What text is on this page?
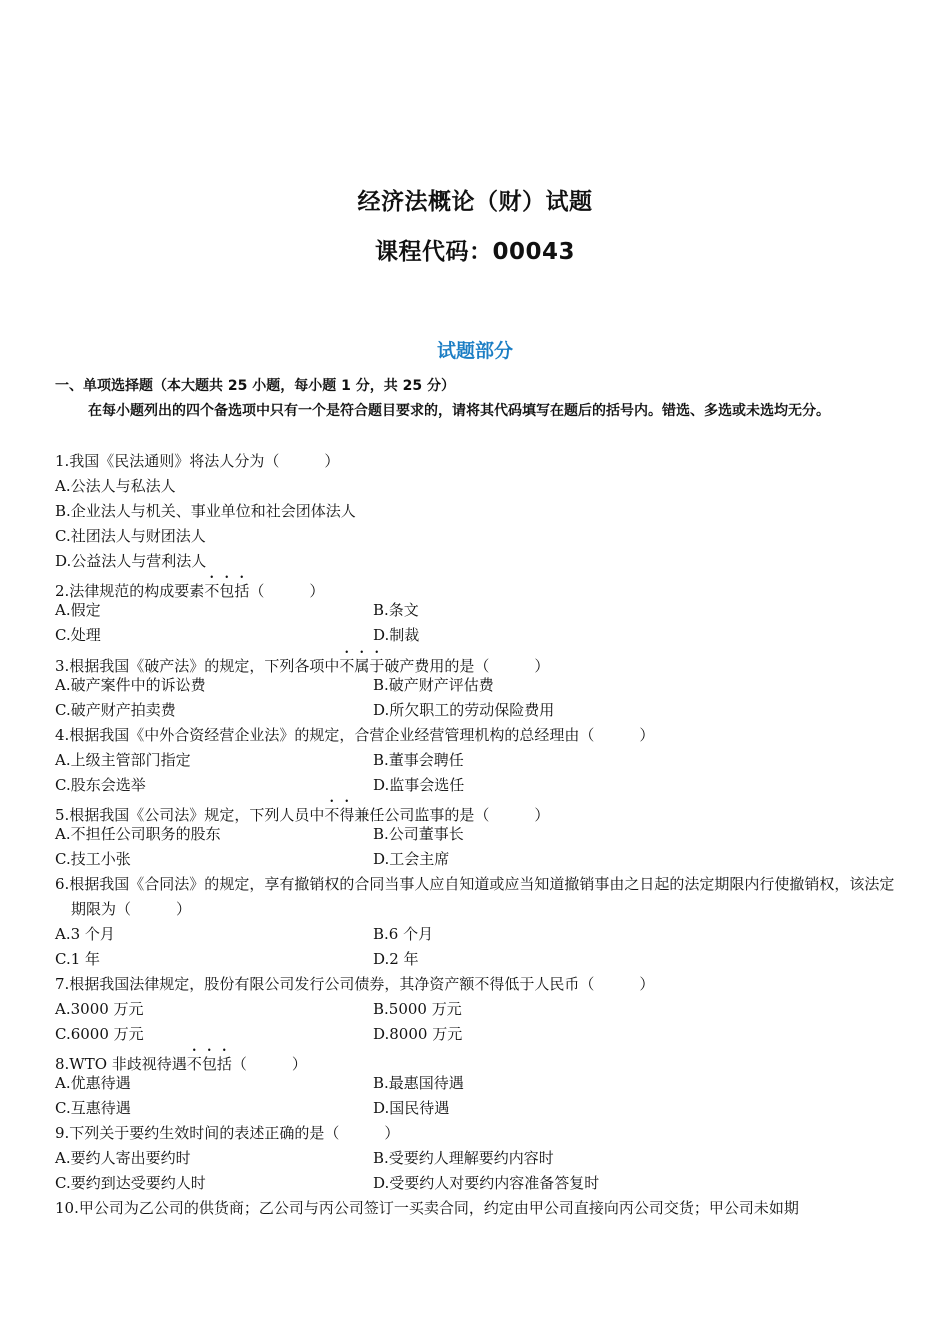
经济法概论（财）试题
课程代码：00043
试题部分
一、单项选择题（本大题共 25 小题，每小题 1 分，共 25 分）
在每小题列出的四个备选项中只有一个是符合题目要求的，请将其代码填写在题后的括号内。错选、多选或未选均无分。
1.我国《民法通则》将法人分为（　　　）
A.公法人与私法人
B.企业法人与机关、事业单位和社会团体法人
C.社团法人与财团法人
D.公益法人与营利法人
2.法律规范的构成要素不包括（　　　）
A.假定	B.条文
C.处理	D.制裁
3.根据我国《破产法》的规定，下列各项中不属于破产费用的是（　　　）
A.破产案件中的诉讼费	B.破产财产评估费
C.破产财产拍卖费	D.所欠职工的劳动保险费用
4.根据我国《中外合资经营企业法》的规定，合营企业经营管理机构的总经理由（　　　）
A.上级主管部门指定	B.董事会聘任
C.股东会选举	D.监事会选任
5.根据我国《公司法》规定，下列人员中不得兼任公司监事的是（　　　）
A.不担任公司职务的股东	B.公司董事长
C.技工小张	D.工会主席
6.根据我国《合同法》的规定，享有撤销权的合同当事人应自知道或应当知道撤销事由之日起的法定期限内行使撤销权，该法定期限为（　　　）
A.3 个月	B.6 个月
C.1 年	D.2 年
7.根据我国法律规定，股份有限公司发行公司债券，其净资产额不得低于人民币（　　　）
A.3000 万元	B.5000 万元
C.6000 万元	D.8000 万元
8.WTO 非歧视待遇不包括（　　　）
A.优惠待遇	B.最惠国待遇
C.互惠待遇	D.国民待遇
9.下列关于要约生效时间的表述正确的是（　　　）
A.要约人寄出要约时	B.受要约人理解要约内容时
C.要约到达受要约人时	D.受要约人对要约内容准备答复时
10.甲公司为乙公司的供货商；乙公司与丙公司签订一买卖合同，约定由甲公司直接向丙公司交货；甲公司未如期
